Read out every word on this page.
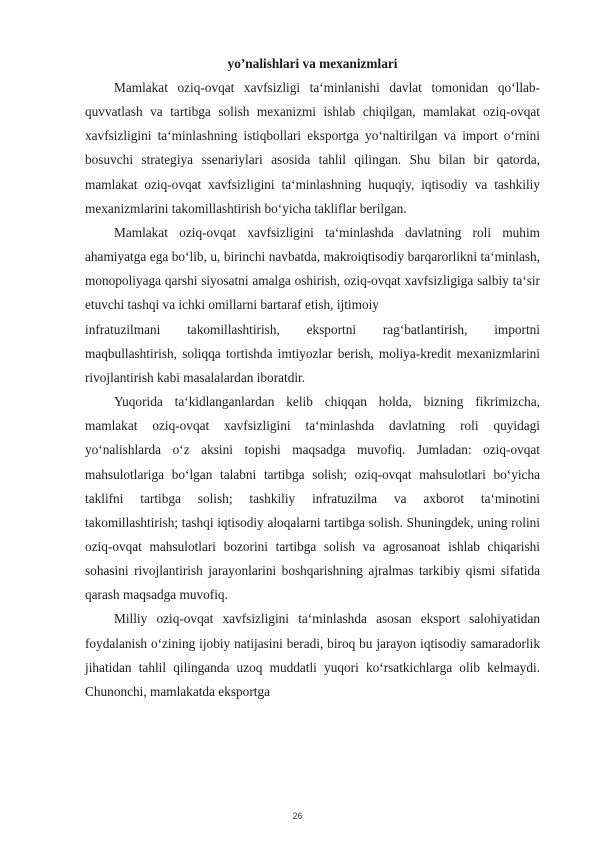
yo’nalishlari va mexanizmlari

Mamlakat oziq-ovqat xavfsizligi ta‘minlanishi davlat tomonidan qo‘llab-quvvatlash va tartibga solish mexanizmi ishlab chiqilgan, mamlakat oziq-ovqat xavfsizligini ta‘minlashning istiqbollari eksportga yo‘naltirilgan va import o‘rnini bosuvchi strategiya ssenariylari asosida tahlil qilingan. Shu bilan bir qatorda, mamlakat oziq-ovqat xavfsizligini ta‘minlashning huquqiy, iqtisodiy va tashkiliy mexanizmlarini takomillashtirish bo‘yicha takliflar berilgan.

Mamlakat oziq-ovqat xavfsizligini ta‘minlashda davlatning roli muhim ahamiyatga ega bo‘lib, u, birinchi navbatda, makroiqtisodiy barqarorlikni ta‘minlash, monopoliyaga qarshi siyosatni amalga oshirish, oziq-ovqat xavfsizligiga salbiy ta‘sir etuvchi tashqi va ichki omillarni bartaraf etish, ijtimoiy

infratuzilmani takomillashtirish, eksportni rag‘batlantirish, importni maqbullashtirish, soliqqa tortishda imtiyozlar berish, moliya-kredit mexanizmlarini rivojlantirish kabi masalalardan iboratdir.

Yuqorida ta‘kidlanganlardan kelib chiqqan holda, bizning fikrimizcha, mamlakat oziq-ovqat xavfsizligini ta‘minlashda davlatning roli quyidagi yo‘nalishlarda o‘z aksini topishi maqsadga muvofiq. Jumladan: oziq-ovqat mahsulotlariga bo‘lgan talabni tartibga solish; oziq-ovqat mahsulotlari bo‘yicha taklifni tartibga solish; tashkiliy infratuzilma va axborot ta‘minotini takomillashtirish; tashqi iqtisodiy aloqalarni tartibga solish. Shuningdek, uning rolini oziq-ovqat mahsulotlari bozorini tartibga solish va agrosanoat ishlab chiqarishi sohasini rivojlantirish jarayonlarini boshqarishning ajralmas tarkibiy qismi sifatida qarash maqsadga muvofiq.

Milliy oziq-ovqat xavfsizligini ta‘minlashda asosan eksport salohiyatidan foydalanish o‘zining ijobiy natijasini beradi, biroq bu jarayon iqtisodiy samaradorlik jihatidan tahlil qilinganda uzoq muddatli yuqori ko‘rsatkichlarga olib kelmaydi. Chunonchi, mamlakatda eksportga

26
